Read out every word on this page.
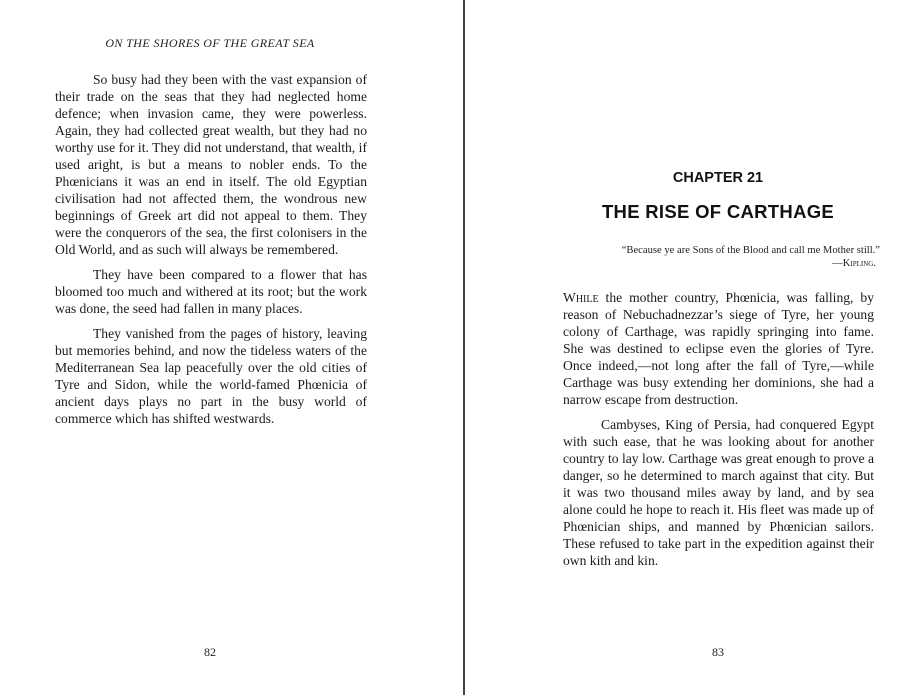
ON THE SHORES OF THE GREAT SEA

So busy had they been with the vast expansion of their trade on the seas that they had neglected home defence; when invasion came, they were powerless. Again, they had collected great wealth, but they had no worthy use for it. They did not understand, that wealth, if used aright, is but a means to nobler ends. To the Phœnicians it was an end in itself. The old Egyptian civilisation had not affected them, the wondrous new beginnings of Greek art did not appeal to them. They were the conquerors of the sea, the first colonisers in the Old World, and as such will always be remembered.

They have been compared to a flower that has bloomed too much and withered at its root; but the work was done, the seed had fallen in many places.

They vanished from the pages of history, leaving but memories behind, and now the tideless waters of the Mediterranean Sea lap peacefully over the old cities of Tyre and Sidon, while the world-famed Phœnicia of ancient days plays no part in the busy world of commerce which has shifted westwards.

82
CHAPTER 21
THE RISE OF CARTHAGE
“Because ye are Sons of the Blood and call me Mother still.”
—Kipling.

While the mother country, Phœnicia, was falling, by reason of Nebuchadnezzar’s siege of Tyre, her young colony of Carthage, was rapidly springing into fame. She was destined to eclipse even the glories of Tyre. Once indeed,—not long after the fall of Tyre,—while Carthage was busy extending her dominions, she had a narrow escape from destruction.

Cambyses, King of Persia, had conquered Egypt with such ease, that he was looking about for another country to lay low. Carthage was great enough to prove a danger, so he determined to march against that city. But it was two thousand miles away by land, and by sea alone could he hope to reach it. His fleet was made up of Phœnician ships, and manned by Phœnician sailors. These refused to take part in the expedition against their own kith and kin.

83
